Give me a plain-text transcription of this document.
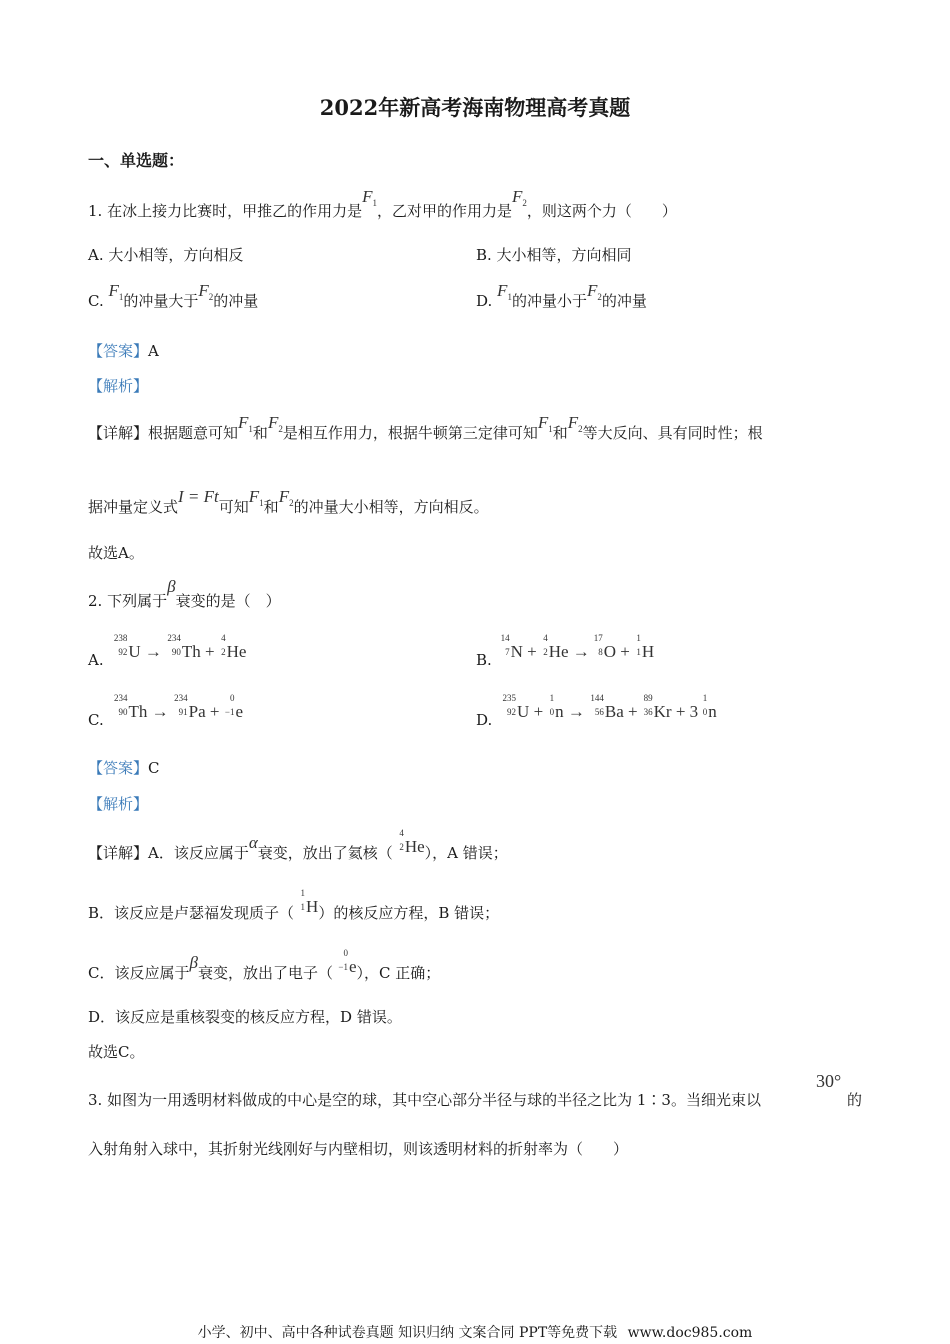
2022年新高考海南物理高考真题
一、单选题：
1. 在冰上接力比赛时，甲推乙的作用力是$F_1$，乙对甲的作用力是$F_2$，则这两个力（　　）
A. 大小相等，方向相反	B. 大小相等，方向相同
C. $F_1$的冲量大于$F_2$的冲量	D. $F_1$的冲量小于$F_2$的冲量
【答案】A
【解析】
【详解】根据题意可知$F_1$和$F_2$是相互作用力，根据牛顿第三定律可知$F_1$和$F_2$等大反向、具有同时性；根
据冲量定义式I = Ft可知$F_1$和$F_2$的冲量大小相等，方向相反。
故选A。
2. 下列属于β衰变的是（　）
A.
238
92 U →
234
90 Th +
4
2 He	B.
14
7 N +
4
2 He →
17
8 O +
1
1 H
C.
234
90 Th →
234
91 Pa +
0
−1 e	D.
235
92 U +
1
0 n →
144
56 Ba +
89
36 Kr + 3
1
0 n
【答案】C
【解析】
【详解】A．该反应属于α衰变，放出了氦核（
4
2 He），A 错误；
B．该反应是卢瑟福发现质子（
1
1 H）的核反应方程，B 错误；
C．该反应属于β衰变，放出了电子（
0
−1 e），C 正确；
D．该反应是重核裂变的核反应方程，D 错误。
故选C。
3. 如图为一用透明材料做成的中心是空的球，其中空心部分半径与球的半径之比为 1∶3。当细光束以
30°
的
入射角射入球中，其折射光线刚好与内壁相切，则该透明材料的折射率为（　　）
小学、初中、高中各种试卷真题 知识归纳 文案合同 PPT等免费下载 www.doc985.com
